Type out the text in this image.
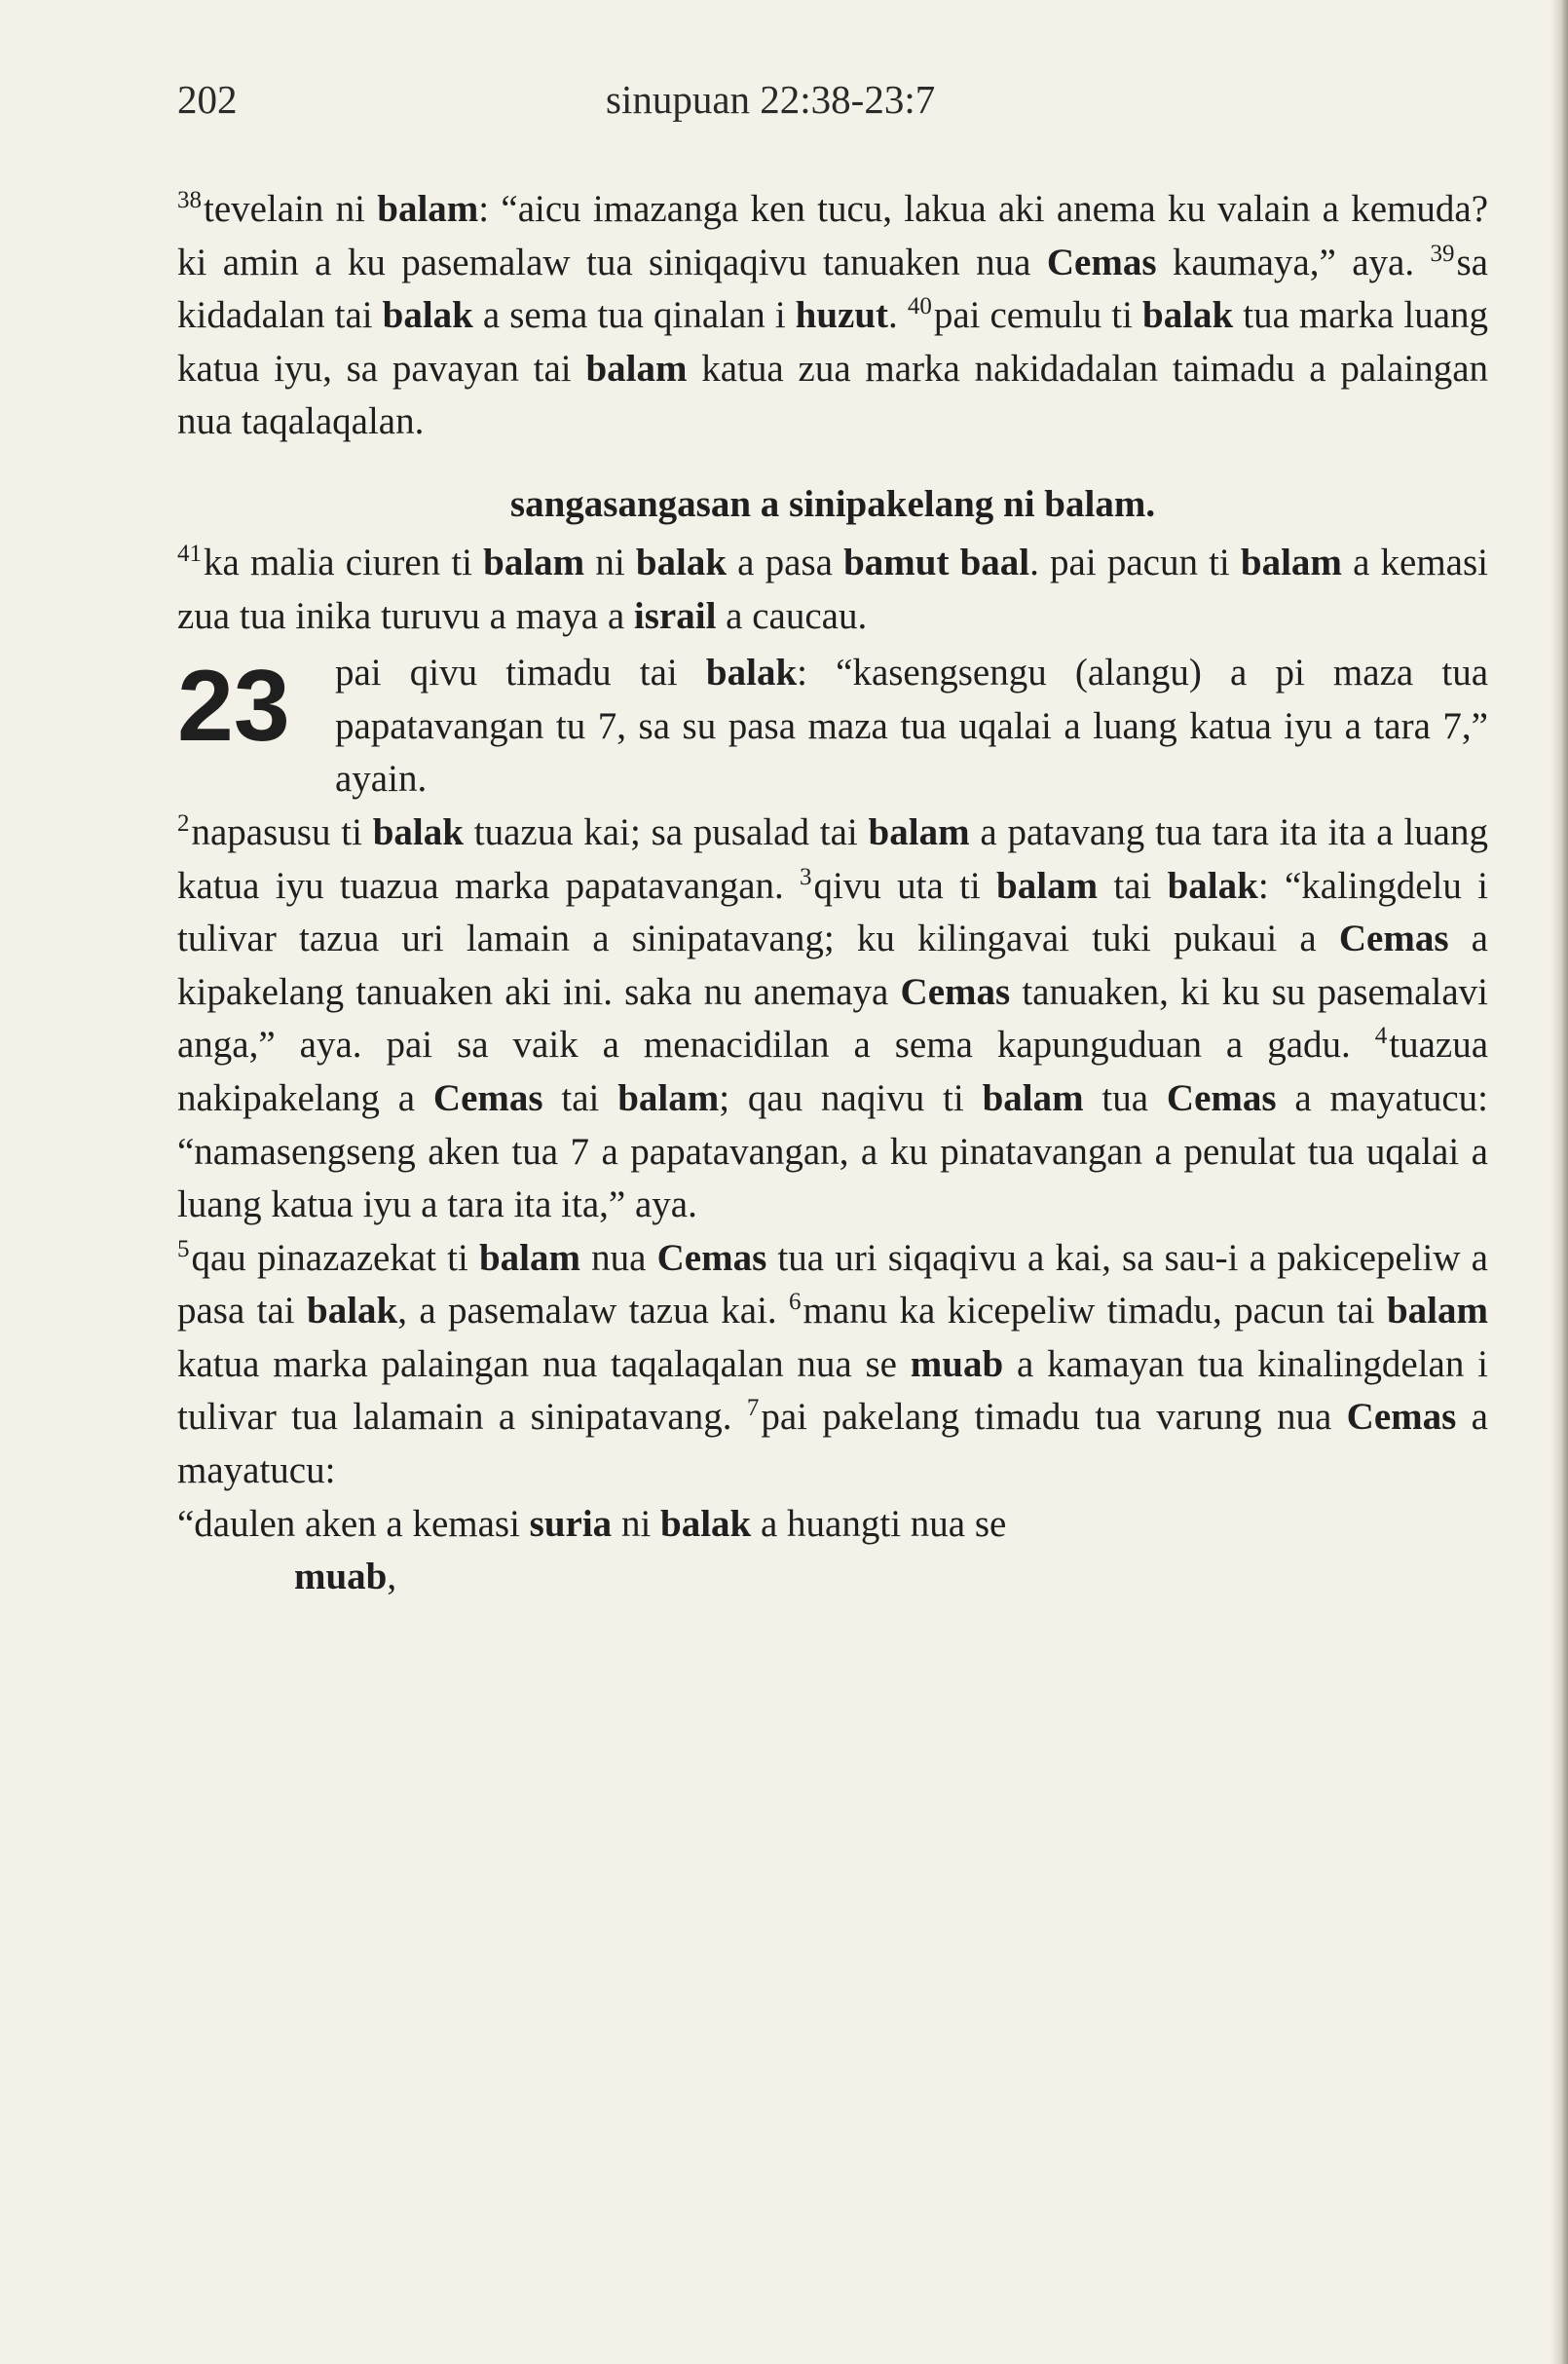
202	sinupuan 22:38-23:7

$^{38}$tevelain ni balam: “aicu imazanga ken tucu, lakua aki anema ku valain a kemuda? ki amin a ku pasemalaw tua siniqaqivu tanuaken nua Cemas kaumaya,” aya. $^{39}$sa kidadalan tai balak a sema tua qinalan i huzut. $^{40}$pai cemulu ti balak tua marka luang katua iyu, sa pavayan tai balam katua zua marka nakidadalan taimadu a palaingan nua taqalaqalan.

sangasangasan a sinipakelang ni balam.

$^{41}$ka malia ciuren ti balam ni balak a pasa bamut baal. pai pacun ti balam a kemasi zua tua inika turuvu a maya a israil a caucau.

23	pai qivu timadu tai balak: “kasengsengu (alangu) a pi maza tua papatavangan tu 7, sa su pasa maza tua uqalai a luang katua iyu a tara 7,” ayain.

$^2$napasusu ti balak tuazua kai; sa pusalad tai balam a patavang tua tara ita ita a luang katua iyu tuazua marka papatavangan. $^3$qivu uta ti balam tai balak: “kalingdelu i tulivar tazua uri lamain a sinipatavang; ku kilingavai tuki pukaui a Cemas a kipakelang tanuaken aki ini. saka nu anemaya Cemas tanuaken, ki ku su pasemalavi anga,” aya. pai sa vaik a menacidilan a sema kapunguduan a gadu. $^4$tuazua nakipakelang a Cemas tai balam; qau naqivu ti balam tua Cemas a mayatucu: “namasengseng aken tua 7 a papatavangan, a ku pinatavangan a penulat tua uqalai a luang katua iyu a tara ita ita,” aya.

$^5$qau pinazazekat ti balam nua Cemas tua uri siqaqivu a kai, sa sau-i a pakicepeliw a pasa tai balak, a pasemalaw tazua kai. $^6$manu ka kicepeliw timadu, pacun tai balam katua marka palaingan nua taqalaqalan nua se muab a kamayan tua kinalingdelan i tulivar tua lalamain a sinipatavang. $^7$pai pakelang timadu tua varung nua Cemas a mayatucu:

“daulen aken a kemasi suria ni balak a huangti nua se

muab,
